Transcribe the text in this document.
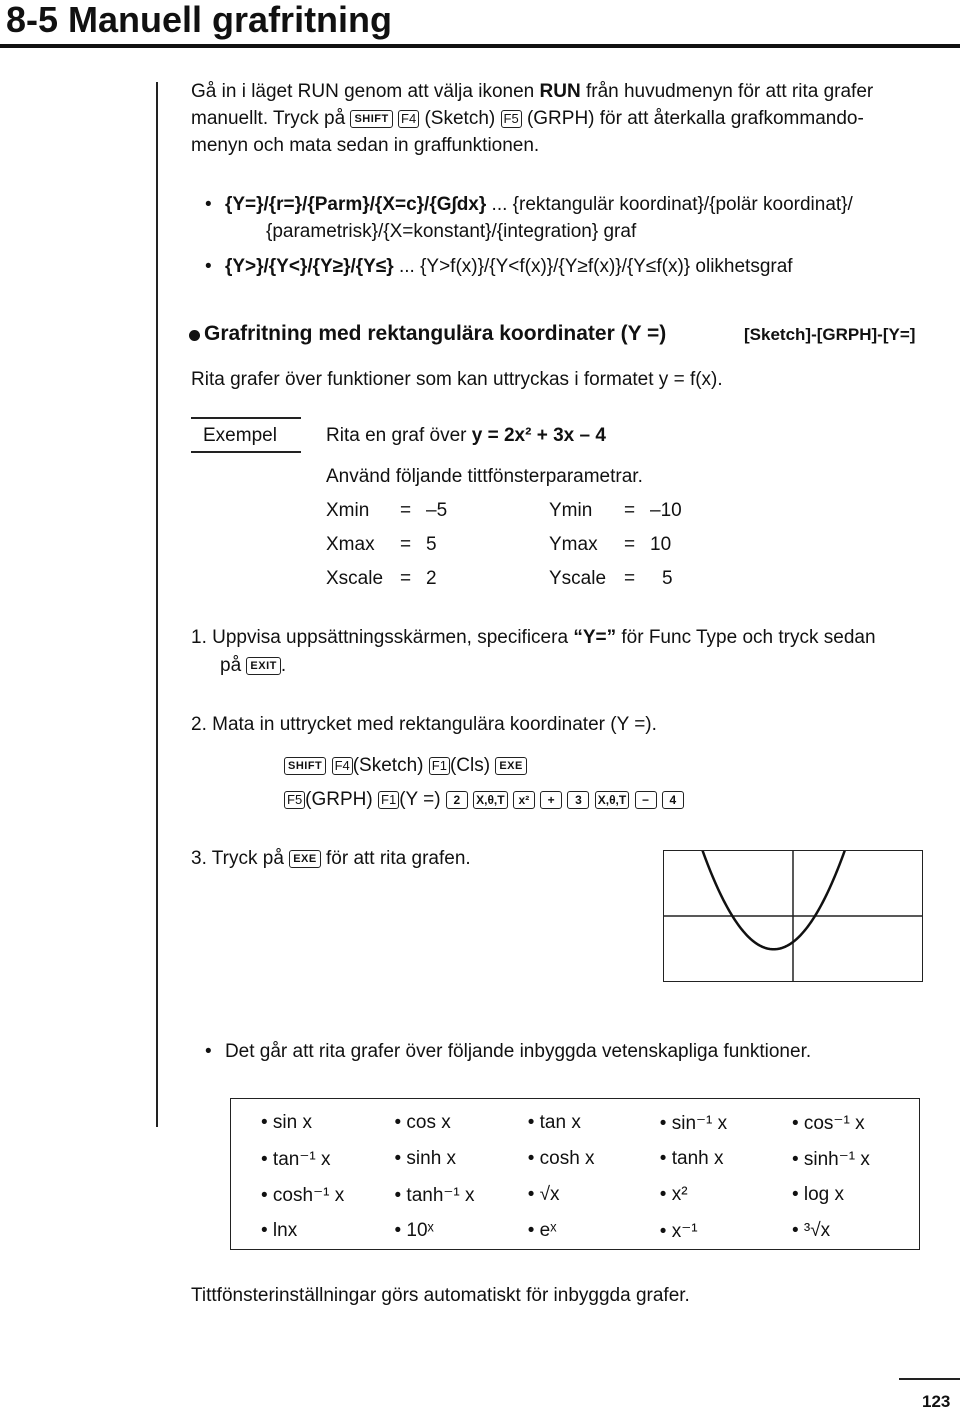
8-5 Manuell grafritning
Gå in i läget RUN genom att välja ikonen RUN från huvudmenyn för att rita grafer
manuellt. Tryck på SHIFT F4 (Sketch) F5 (GRPH) för att återkalla grafkommando-
menyn och mata sedan in graffunktionen.
• {Y=}/{r=}/{Parm}/{X=c}/{G∫dx} ... {rektangulär koordinat}/{polär koordinat}/
{parametrisk}/{X=konstant}/{integration} graf
• {Y>}/{Y<}/{Y≥}/{Y≤} ... {Y>f(x)}/{Y<f(x)}/{Y≥f(x)}/{Y≤f(x)} olikhetsgraf
Grafritning med rektangulära koordinater (Y =)	[Sketch]-[GRPH]-[Y=]
Rita grafer över funktioner som kan uttryckas i formatet y = f(x).
Exempel	Rita en graf över y = 2x² + 3x – 4
Använd följande tittfönsterparametrar.
Xmin = –5	Ymin = –10
Xmax = 5	Ymax = 10
Xscale = 2	Yscale = 5
1. Uppvisa uppsättningsskärmen, specificera “Y=” för Func Type och tryck sedan
på EXIT .
2. Mata in uttrycket med rektangulära koordinater (Y =).
SHIFT F4 (Sketch) F1 (Cls) EXE
F5 (GRPH) F1 (Y =) 2 X,θ,T x² + 3 X,θ,T − 4
3. Tryck på EXE för att rita grafen.
• Det går att rita grafer över följande inbyggda vetenskapliga funktioner.
• sin x	• cos x	• tan x	• sin⁻¹ x	• cos⁻¹ x
• tan⁻¹ x	• sinh x	• cosh x	• tanh x	• sinh⁻¹ x
• cosh⁻¹ x	• tanh⁻¹ x	• √x	• x²	• log x
• lnx	• 10ˣ	• eˣ	• x⁻¹	• ³√x
Tittfönsterinställningar görs automatiskt för inbyggda grafer.
123
